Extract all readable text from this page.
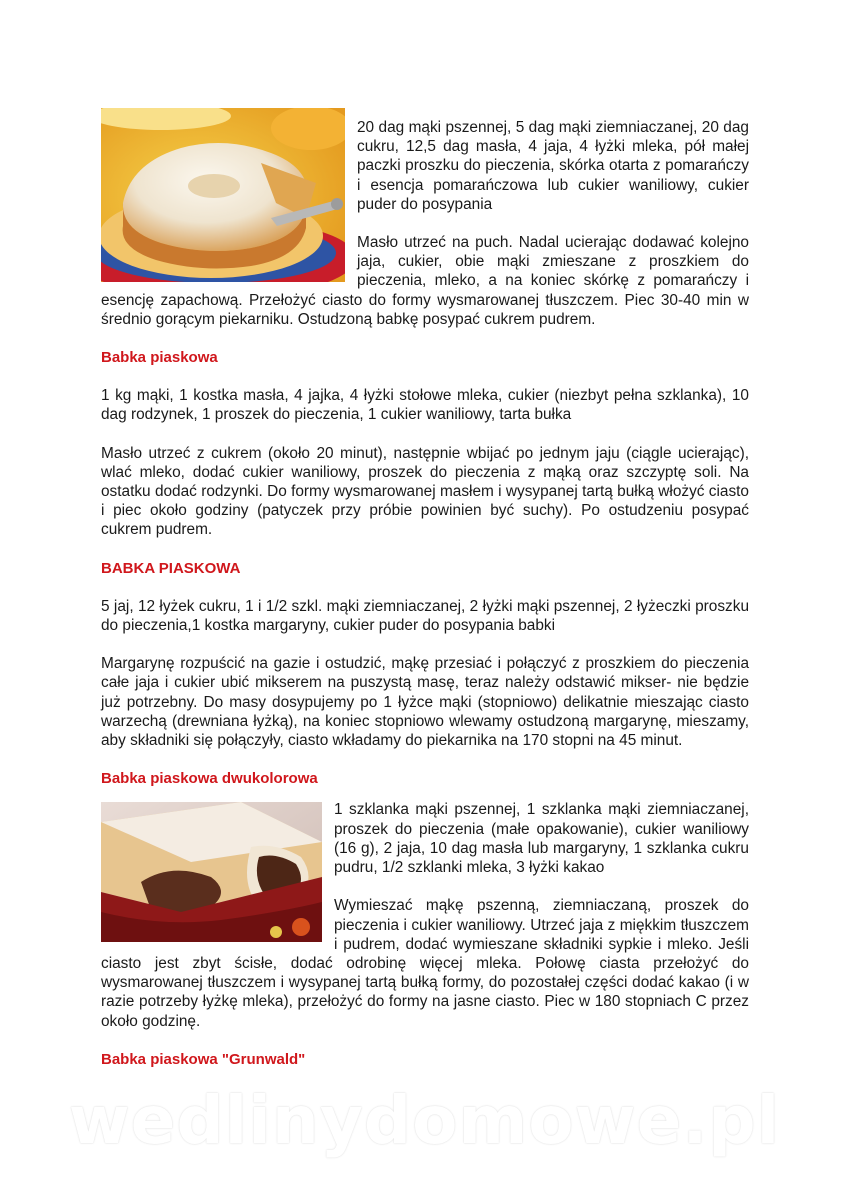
20 dag mąki pszennej, 5 dag mąki ziemniaczanej, 20 dag cukru, 12,5 dag masła, 4 jaja, 4 łyżki mleka, pół małej paczki proszku do pieczenia, skórka otarta z pomarańczy i esencja pomarańczowa lub cukier waniliowy, cukier puder do posypania

Masło utrzeć na puch. Nadal ucierając dodawać kolejno jaja, cukier, obie mąki zmieszane z proszkiem do pieczenia, mleko, a na koniec skórkę z pomarańczy i esencję zapachową. Przełożyć ciasto do formy wysmarowanej tłuszczem. Piec 30-40 min w średnio gorącym piekarniku. Ostudzoną babkę posypać cukrem pudrem.

Babka piaskowa

1 kg mąki, 1 kostka masła, 4 jajka, 4 łyżki stołowe mleka, cukier (niezbyt pełna szklanka), 10 dag rodzynek, 1 proszek do pieczenia, 1 cukier waniliowy, tarta bułka

Masło utrzeć z cukrem (około 20 minut), następnie wbijać po jednym jaju (ciągle ucierając), wlać mleko, dodać cukier waniliowy, proszek do pieczenia z mąką oraz szczyptę soli. Na ostatku dodać rodzynki. Do formy wysmarowanej masłem i wysypanej tartą bułką włożyć ciasto i piec około godziny (patyczek przy próbie powinien być suchy). Po ostudzeniu posypać cukrem pudrem.

BABKA PIASKOWA

5 jaj, 12 łyżek cukru, 1 i 1/2 szkl. mąki ziemniaczanej, 2 łyżki mąki pszennej, 2 łyżeczki proszku do pieczenia,1 kostka margaryny, cukier puder do posypania babki

Margarynę rozpuścić na gazie i ostudzić, mąkę przesiać i połączyć z proszkiem do pieczenia całe jaja i cukier ubić mikserem na puszystą masę, teraz należy odstawić mikser- nie będzie już potrzebny. Do masy dosypujemy po 1 łyżce mąki (stopniowo) delikatnie mieszając ciasto warzechą (drewniana łyżką), na koniec stopniowo wlewamy ostudzoną margarynę, mieszamy, aby składniki się połączyły, ciasto wkładamy do piekarnika na 170 stopni na 45 minut.

Babka piaskowa dwukolorowa

1 szklanka mąki pszennej, 1 szklanka mąki ziemniaczanej, proszek do pieczenia (małe opakowanie), cukier waniliowy (16 g), 2 jaja, 10 dag masła lub margaryny, 1 szklanka cukru pudru, 1/2 szklanki mleka, 3 łyżki kakao

Wymieszać mąkę pszenną, ziemniaczaną, proszek do pieczenia i cukier waniliowy. Utrzeć jaja z miękkim tłuszczem i pudrem, dodać wymieszane składniki sypkie i mleko. Jeśli ciasto jest zbyt ścisłe, dodać odrobinę więcej mleka. Połowę ciasta przełożyć do wysmarowanej tłuszczem i wysypanej tartą bułką formy, do pozostałej części dodać kakao (i w razie potrzeby łyżkę mleka), przełożyć do formy na jasne ciasto. Piec w 180 stopniach C przez około godzinę.

Babka piaskowa "Grunwald"
wedlinydomowe.pl
